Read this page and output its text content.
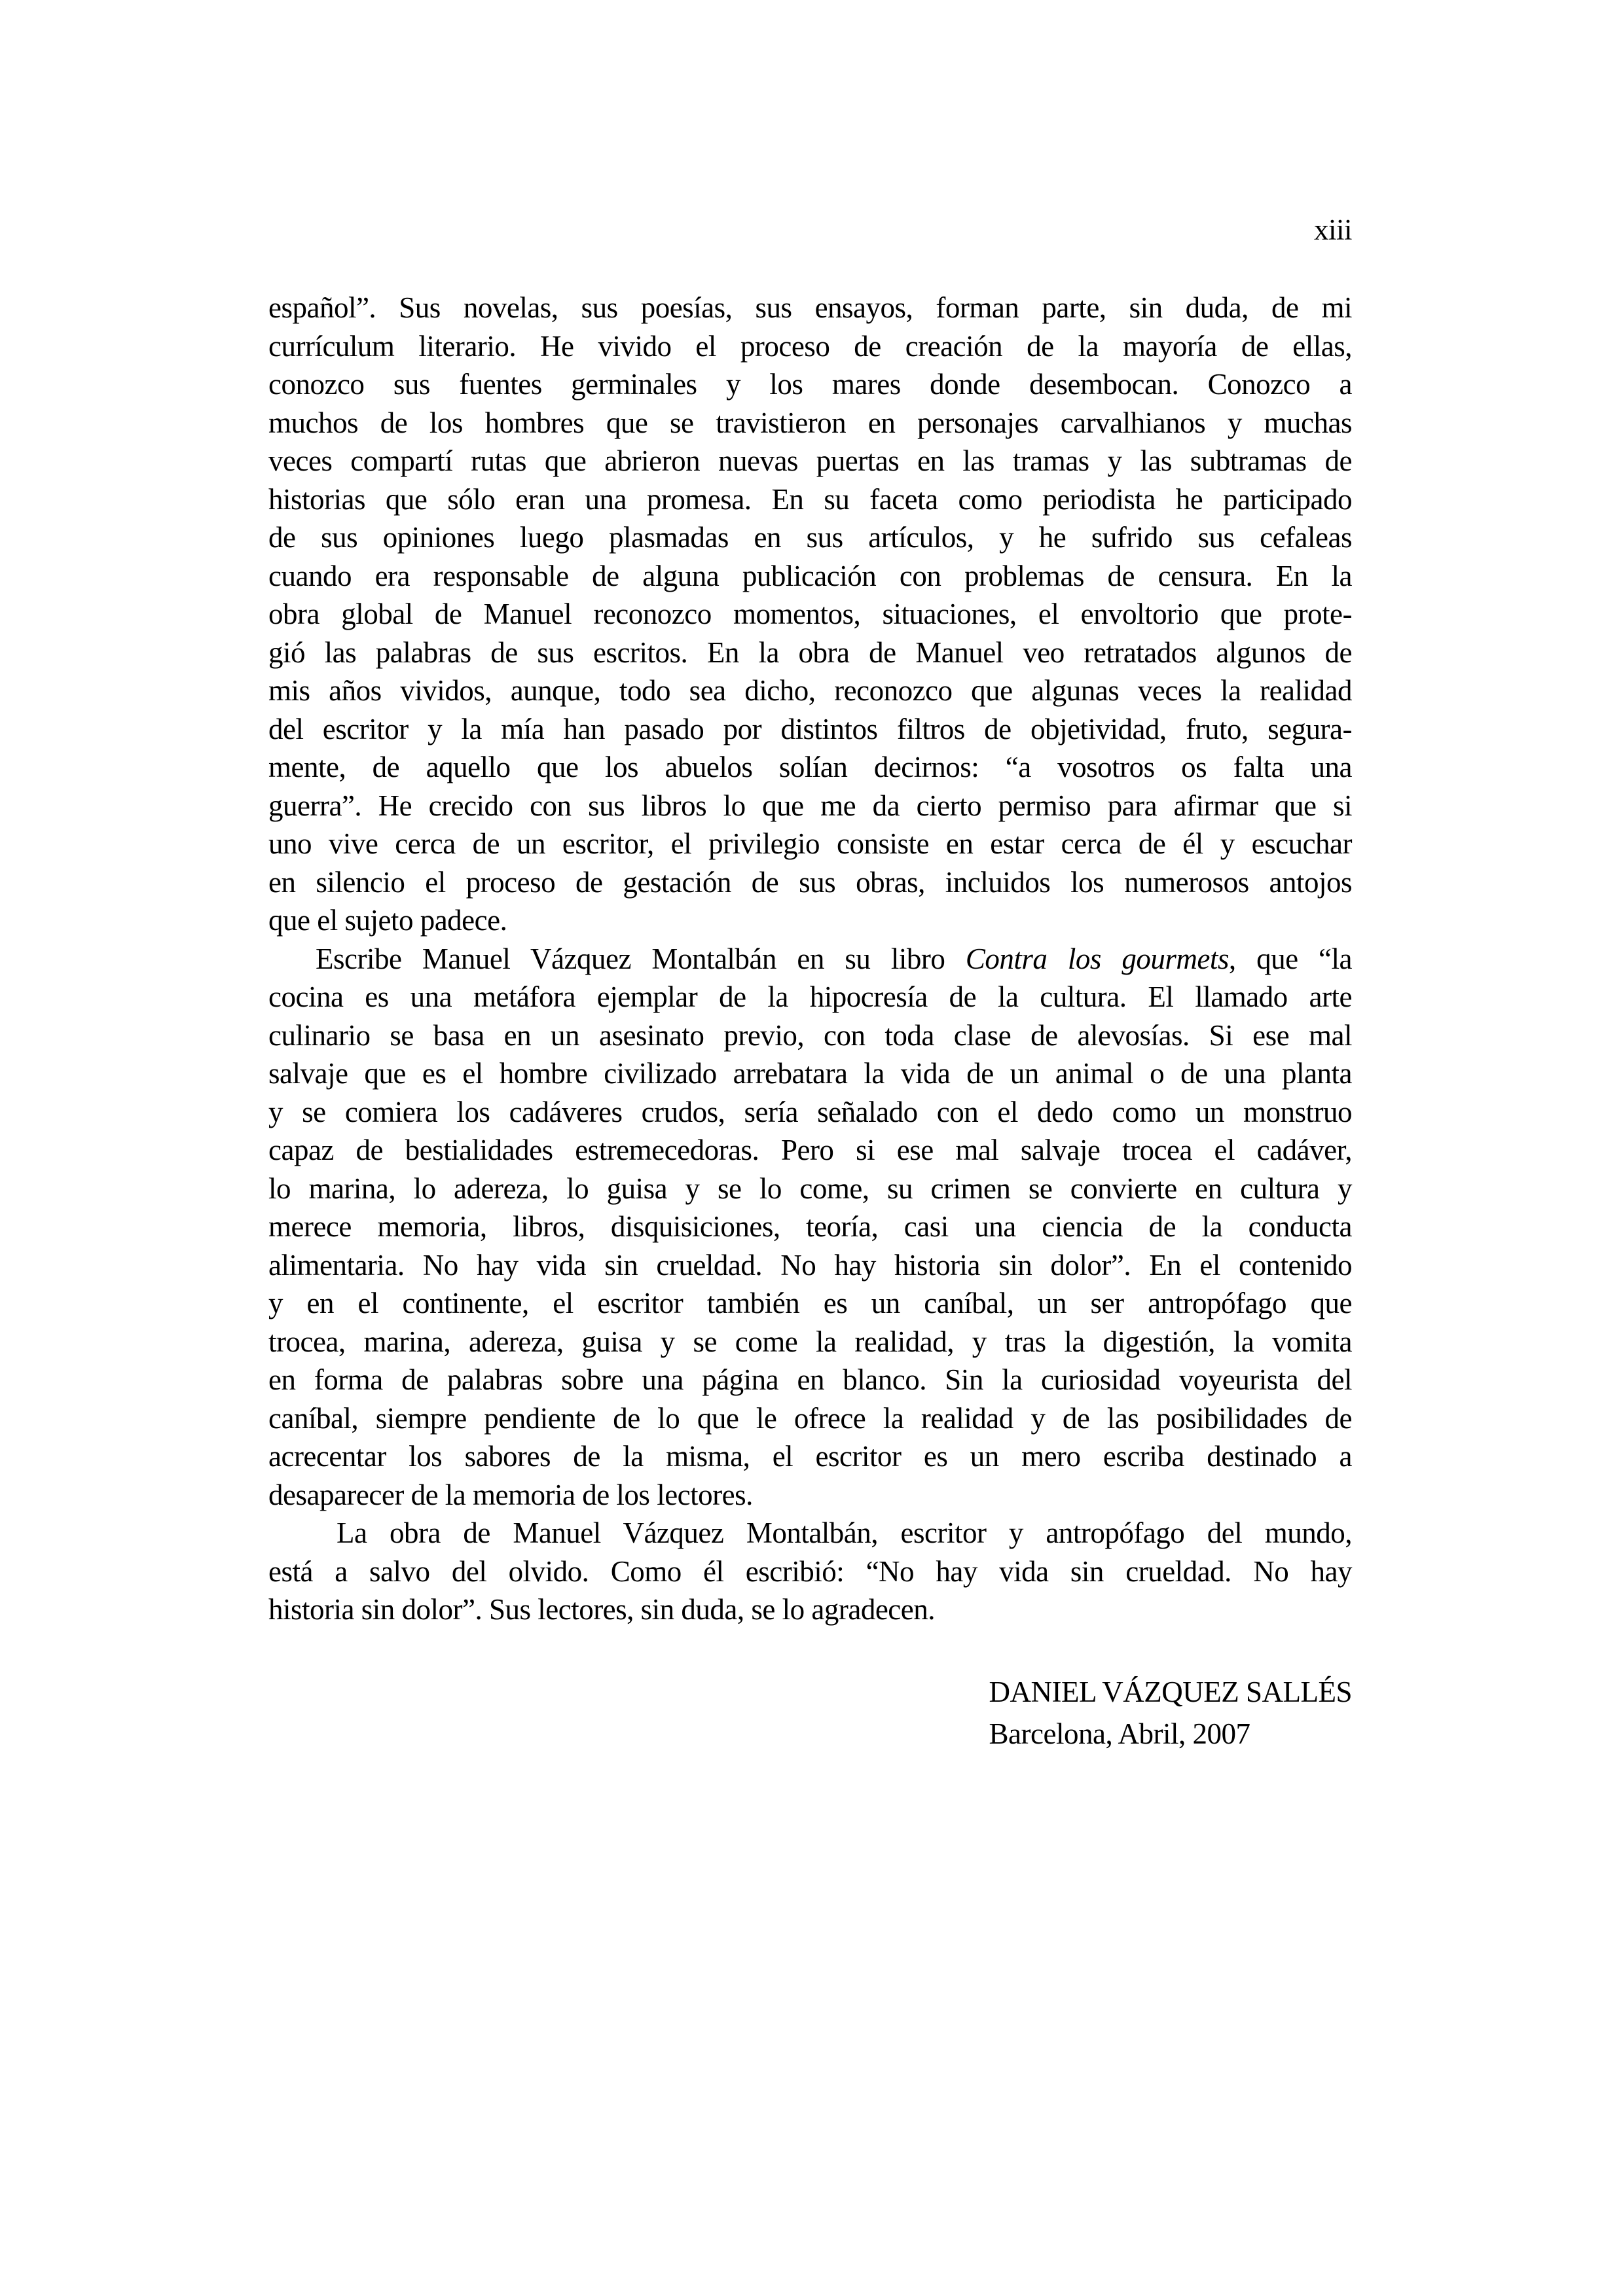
xiii
español”. Sus novelas, sus poesías, sus ensayos, forman parte, sin duda, de mi
currículum literario. He vivido el proceso de creación de la mayoría de ellas,
conozco sus fuentes germinales y los mares donde desembocan. Conozco a
muchos de los hombres que se travistieron en personajes carvalhianos y muchas
veces compartí rutas que abrieron nuevas puertas en las tramas y las subtramas de
historias que sólo eran una promesa. En su faceta como periodista he participado
de sus opiniones luego plasmadas en sus artículos, y he sufrido sus cefaleas
cuando era responsable de alguna publicación con problemas de censura. En la
obra global de Manuel reconozco momentos, situaciones, el envoltorio que prote-
gió las palabras de sus escritos. En la obra de Manuel veo retratados algunos de
mis años vividos, aunque, todo sea dicho, reconozco que algunas veces la realidad
del escritor y la mía han pasado por distintos filtros de objetividad, fruto, segura-
mente, de aquello que los abuelos solían decirnos: “a vosotros os falta una
guerra”. He crecido con sus libros lo que me da cierto permiso para afirmar que si
uno vive cerca de un escritor, el privilegio consiste en estar cerca de él y escuchar
en silencio el proceso de gestación de sus obras, incluidos los numerosos antojos
que el sujeto padece.
Escribe Manuel Vázquez Montalbán en su libro Contra los gourmets, que “la
cocina es una metáfora ejemplar de la hipocresía de la cultura. El llamado arte
culinario se basa en un asesinato previo, con toda clase de alevosías. Si ese mal
salvaje que es el hombre civilizado arrebatara la vida de un animal o de una planta
y se comiera los cadáveres crudos, sería señalado con el dedo como un monstruo
capaz de bestialidades estremecedoras. Pero si ese mal salvaje trocea el cadáver,
lo marina, lo adereza, lo guisa y se lo come, su crimen se convierte en cultura y
merece memoria, libros, disquisiciones, teoría, casi una ciencia de la conducta
alimentaria. No hay vida sin crueldad. No hay historia sin dolor”. En el contenido
y en el continente, el escritor también es un caníbal, un ser antropófago que
trocea, marina, adereza, guisa y se come la realidad, y tras la digestión, la vomita
en forma de palabras sobre una página en blanco. Sin la curiosidad voyeurista del
caníbal, siempre pendiente de lo que le ofrece la realidad y de las posibilidades de
acrecentar los sabores de la misma, el escritor es un mero escriba destinado a
desaparecer de la memoria de los lectores.
La obra de Manuel Vázquez Montalbán, escritor y antropófago del mundo,
está a salvo del olvido. Como él escribió: “No hay vida sin crueldad. No hay
historia sin dolor”. Sus lectores, sin duda, se lo agradecen.
DANIEL VÁZQUEZ SALLÉS
Barcelona, Abril, 2007
